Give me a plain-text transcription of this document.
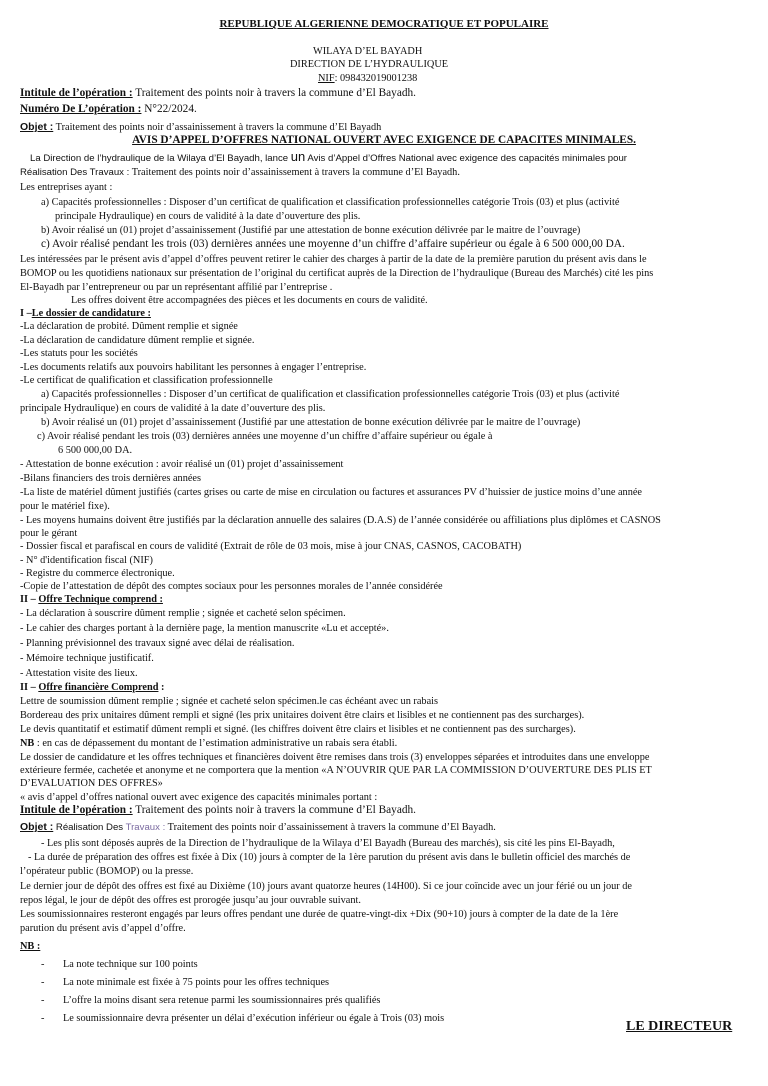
REPUBLIQUE ALGERIENNE DEMOCRATIQUE ET POPULAIRE
WILAYA D’EL BAYADH
DIRECTION DE L’HYDRAULIQUE
NIF: 098432019001238
Intitule de l’opération : Traitement des points noir à travers la commune d’El Bayadh.
Numéro De L’opération : N°22/2024.
Objet : Traitement des points noir d’assainissement à travers la commune d’El Bayadh
AVIS D’APPEL D’OFFRES NATIONAL OUVERT AVEC EXIGENCE DE CAPACITES MINIMALES.
La Direction de l’hydraulique de la Wilaya d’El Bayadh, lance un Avis d’Appel d’Offres National avec exigence des capacités minimales pour
Réalisation Des Travaux : Traitement des points noir d’assainissement à travers la commune d’El Bayadh.
Les entreprises ayant :
a) Capacités professionnelles : Disposer d’un certificat de qualification et classification professionnelles catégorie Trois (03) et plus (activité
principale Hydraulique) en cours de validité à la date d’ouverture des plis.
b) Avoir réalisé un (01) projet d’assainissement (Justifié par une attestation de bonne exécution délivrée par le maitre de l’ouvrage)
c) Avoir réalisé pendant les trois (03) dernières années une moyenne d’un chiffre d’affaire supérieur ou égale à 6 500 000,00 DA.
Les intéressées par le présent avis d’appel d’offres peuvent retirer le cahier des charges à partir de la date de la première parution du présent avis dans le
BOMOP ou les quotidiens nationaux sur présentation de l’original du certificat auprès de la Direction de l’hydraulique (Bureau des Marchés) cité les pins
El-Bayadh par l’entrepreneur ou par un représentant affilié par l’entreprise .
Les offres doivent être accompagnées des pièces et les documents en cours de validité.
I –Le dossier de candidature :
-La déclaration de probité. Dûment remplie et signée
-La déclaration de candidature dûment remplie et signée.
-Les statuts pour les sociétés
-Les documents relatifs aux pouvoirs habilitant les personnes à engager l’entreprise.
-Le certificat de qualification et classification professionnelle
a) Capacités professionnelles : Disposer d’un certificat de qualification et classification professionnelles catégorie Trois (03) et plus (activité
principale Hydraulique) en cours de validité à la date d’ouverture des plis.
b) Avoir réalisé un (01) projet d’assainissement (Justifié par une attestation de bonne exécution délivrée par le maitre de l’ouvrage)
c) Avoir réalisé pendant les trois (03) dernières années une moyenne d’un chiffre d’affaire supérieur ou égale à
6 500 000,00 DA.
- Attestation de bonne exécution : avoir réalisé un (01) projet d’assainissement
-Bilans financiers des trois dernières années
-La liste de matériel dûment justifiés (cartes grises ou carte de mise en circulation ou factures et assurances PV d’huissier de justice moins d’une année
pour le matériel fixe).
- Les moyens humains doivent être justifiés par la déclaration annuelle des salaires (D.A.S) de l’année considérée ou affiliations plus diplômes et CASNOS
pour le gérant
- Dossier fiscal et parafiscal en cours de validité (Extrait de rôle de 03 mois, mise à jour CNAS, CASNOS, CACOBATH)
- N° d'identification fiscal (NIF)
- Registre du commerce électronique.
-Copie de l’attestation de dépôt des comptes sociaux pour les personnes morales de l’année considérée
II – Offre Technique comprend :
- La déclaration à souscrire dûment remplie ; signée et cacheté selon spécimen.
- Le cahier des charges portant à la dernière page, la mention manuscrite «Lu et accepté».
- Planning prévisionnel des travaux signé avec délai de réalisation.
- Mémoire technique justificatif.
- Attestation visite des lieux.
II – Offre financière Comprend :
Lettre de soumission dûment remplie ; signée et cacheté selon spécimen.le cas échéant avec un rabais
Bordereau des prix unitaires dûment rempli et signé (les prix unitaires doivent être clairs et lisibles et ne contiennent pas des surcharges).
Le devis quantitatif et estimatif dûment rempli et signé. (les chiffres doivent être clairs et lisibles et ne contiennent pas des surcharges).
NB : en cas de dépassement du montant de l’estimation administrative un rabais sera établi.
Le dossier de candidature et les offres techniques et financières doivent être remises dans trois (3) enveloppes séparées et introduites dans une enveloppe
extérieure fermée, cachetée et anonyme et ne comportera que la mention «A N’OUVRIR QUE PAR LA COMMISSION D’OUVERTURE DES PLIS ET
D’EVALUATION DES OFFRES»
« avis d’appel d’offres national ouvert avec exigence des capacités minimales portant :
Intitule de l’opération : Traitement des points noir à travers la commune d’El Bayadh.
Objet : Réalisation Des Travaux : Traitement des points noir d’assainissement à travers la commune d’El Bayadh.
- Les plis sont déposés auprès de la Direction de l’hydraulique de la Wilaya d’El Bayadh (Bureau des marchés), sis cité les pins El-Bayadh,
- La durée de préparation des offres est fixée à Dix (10) jours à compter de la 1ère parution du présent avis dans le bulletin officiel des marchés de
l’opérateur public (BOMOP) ou la presse.
Le dernier jour de dépôt des offres est fixé au Dixième (10) jours avant quatorze heures (14H00). Si ce jour coïncide avec un jour férié ou un jour de
repos légal, le jour de dépôt des offres est prorogée jusqu’au jour ouvrable suivant.
Les soumissionnaires resteront engagés par leurs offres pendant une durée de quatre-vingt-dix +Dix (90+10) jours à compter de la date de la 1ère
parution du présent avis d’appel d’offre.
NB :
- La note technique sur 100 points
- La note minimale est fixée à 75 points pour les offres techniques
- L’offre la moins disant sera retenue parmi les soumissionnaires prés qualifiés
- Le soumissionnaire devra présenter un délai d’exécution inférieur ou égale à Trois (03) mois
LE DIRECTEUR
